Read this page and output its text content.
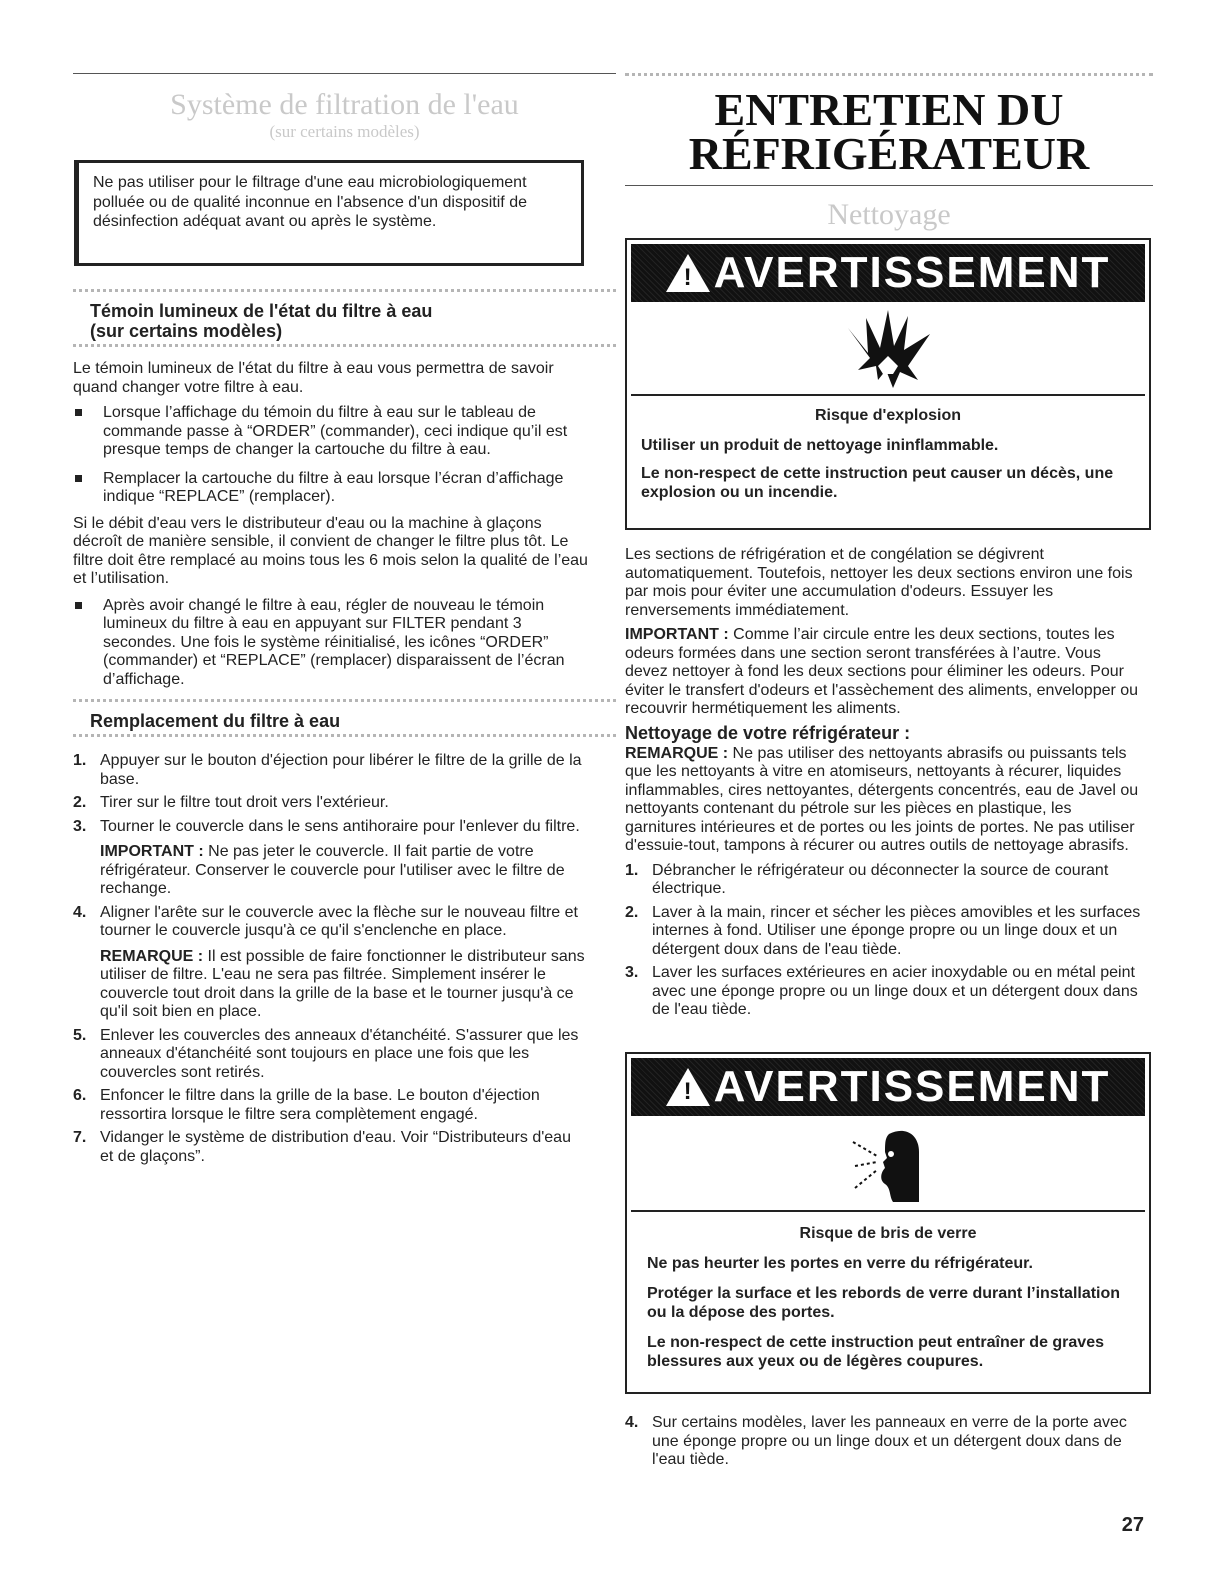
Système de filtration de l'eau
(sur certains modèles)

Ne pas utiliser pour le filtrage d'une eau microbiologiquement polluée ou de qualité inconnue en l'absence d'un dispositif de désinfection adéquat avant ou après le système.

Témoin lumineux de l'état du filtre à eau
(sur certains modèles)

Le témoin lumineux de l'état du filtre à eau vous permettra de savoir quand changer votre filtre à eau.

Lorsque l’affichage du témoin du filtre à eau sur le tableau de commande passe à “ORDER” (commander), ceci indique qu’il est presque temps de changer la cartouche du filtre à eau.
Remplacer la cartouche du filtre à eau lorsque l’écran d’affichage indique “REPLACE” (remplacer).

Si le débit d'eau vers le distributeur d'eau ou la machine à glaçons décroît de manière sensible, il convient de changer le filtre plus tôt. Le filtre doit être remplacé au moins tous les 6 mois selon la qualité de l’eau et l’utilisation.

Après avoir changé le filtre à eau, régler de nouveau le témoin lumineux du filtre à eau en appuyant sur FILTER pendant 3 secondes. Une fois le système réinitialisé, les icônes “ORDER” (commander) et “REPLACE” (remplacer) disparaissent de l’écran d’affichage.
Remplacement du filtre à eau
1. Appuyer sur le bouton d'éjection pour libérer le filtre de la grille de la base.
2. Tirer sur le filtre tout droit vers l'extérieur.
3. Tourner le couvercle dans le sens antihoraire pour l'enlever du filtre.

IMPORTANT : Ne pas jeter le couvercle. Il fait partie de votre réfrigérateur. Conserver le couvercle pour l'utiliser avec le filtre de rechange.

4. Aligner l'arête sur le couvercle avec la flèche sur le nouveau filtre et tourner le couvercle jusqu'à ce qu'il s'enclenche en place.

REMARQUE : Il est possible de faire fonctionner le distributeur sans utiliser de filtre. L'eau ne sera pas filtrée. Simplement insérer le couvercle tout droit dans la grille de la base et le tourner jusqu'à ce qu'il soit bien en place.

5. Enlever les couvercles des anneaux d'étanchéité. S'assurer que les anneaux d'étanchéité sont toujours en place une fois que les couvercles sont retirés.
6. Enfoncer le filtre dans la grille de la base. Le bouton d'éjection ressortira lorsque le filtre sera complètement engagé.
7. Vidanger le système de distribution d'eau. Voir “Distributeurs d'eau et de glaçons”.
ENTRETIEN DU
RÉFRIGÉRATEUR
Nettoyage
! AVERTISSEMENT
Risque d'explosion
Utiliser un produit de nettoyage ininflammable.
Le non-respect de cette instruction peut causer un décès, une explosion ou un incendie.

Les sections de réfrigération et de congélation se dégivrent automatiquement. Toutefois, nettoyer les deux sections environ une fois par mois pour éviter une accumulation d'odeurs. Essuyer les renversements immédiatement.

IMPORTANT : Comme l’air circule entre les deux sections, toutes les odeurs formées dans une section seront transférées à l’autre. Vous devez nettoyer à fond les deux sections pour éliminer les odeurs. Pour éviter le transfert d'odeurs et l'assèchement des aliments, envelopper ou recouvrir hermétiquement les aliments.

Nettoyage de votre réfrigérateur :

REMARQUE : Ne pas utiliser des nettoyants abrasifs ou puissants tels que les nettoyants à vitre en atomiseurs, nettoyants à récurer, liquides inflammables, cires nettoyantes, détergents concentrés, eau de Javel ou nettoyants contenant du pétrole sur les pièces en plastique, les garnitures intérieures et de portes ou les joints de portes. Ne pas utiliser d'essuie-tout, tampons à récurer ou autres outils de nettoyage abrasifs.

1. Débrancher le réfrigérateur ou déconnecter la source de courant électrique.
2. Laver à la main, rincer et sécher les pièces amovibles et les surfaces internes à fond. Utiliser une éponge propre ou un linge doux et un détergent doux dans de l'eau tiède.
3. Laver les surfaces extérieures en acier inoxydable ou en métal peint avec une éponge propre ou un linge doux et un détergent doux dans de l'eau tiède.
! AVERTISSEMENT
Risque de bris de verre
Ne pas heurter les portes en verre du réfrigérateur.
Protéger la surface et les rebords de verre durant l’installation ou la dépose des portes.
Le non-respect de cette instruction peut entraîner de graves blessures aux yeux ou de légères coupures.
4. Sur certains modèles, laver les panneaux en verre de la porte avec une éponge propre ou un linge doux et un détergent doux dans de l'eau tiède.
27
